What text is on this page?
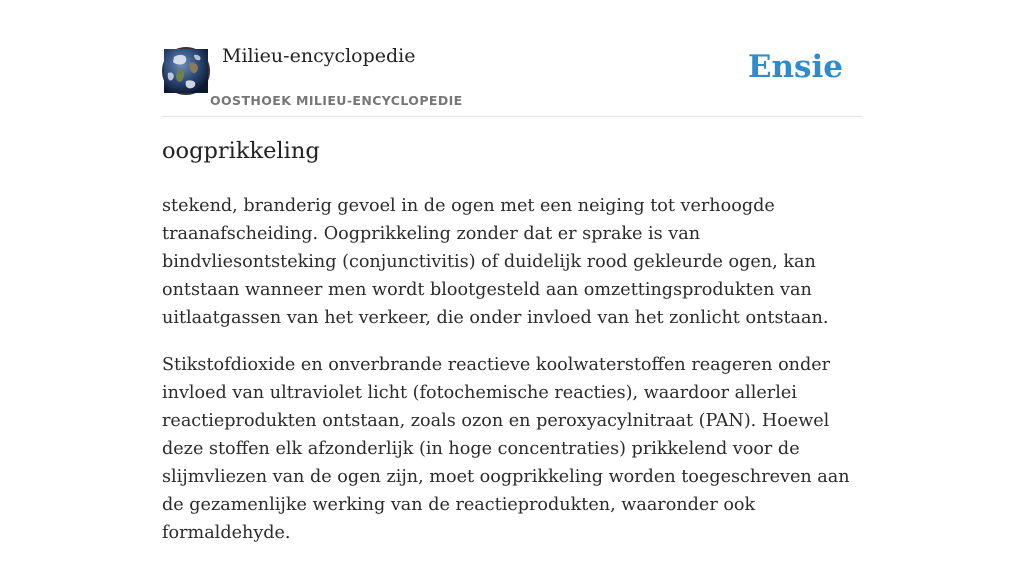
Milieu-encyclopedie
OOSTHOEK MILIEU-ENCYCLOPEDIE
Ensie
oogprikkeling

stekend, branderig gevoel in de ogen met een neiging tot verhoogde traanafscheiding. Oogprikkeling zonder dat er sprake is van bindvliesontsteking (conjunctivitis) of duidelijk rood gekleurde ogen, kan ontstaan wanneer men wordt blootgesteld aan omzettingsprodukten van uitlaatgassen van het verkeer, die onder invloed van het zonlicht ontstaan.

Stikstofdioxide en onverbrande reactieve koolwaterstoffen reageren onder invloed van ultraviolet licht (fotochemische reacties), waardoor allerlei reactieprodukten ontstaan, zoals ozon en peroxyacylnitraat (PAN). Hoewel deze stoffen elk afzonderlijk (in hoge concentraties) prikkelend voor de slijmvliezen van de ogen zijn, moet oogprikkeling worden toegeschreven aan de gezamenlijke werking van de reactieprodukten, waaronder ook formaldehyde.
